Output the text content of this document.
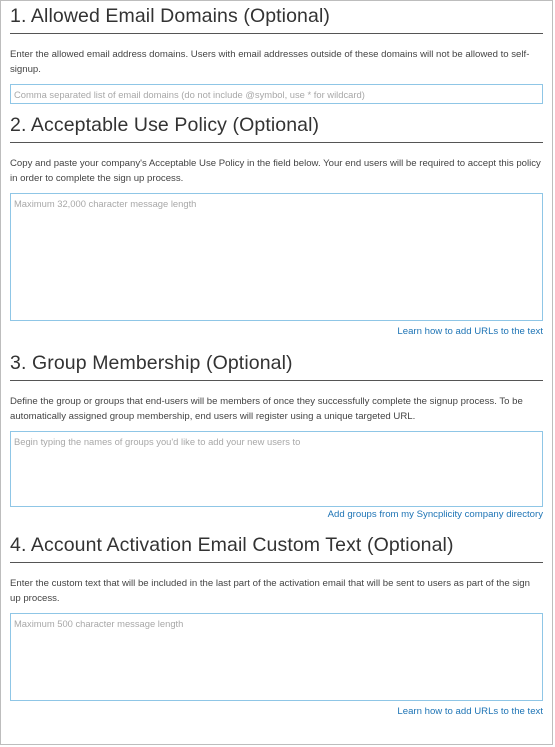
1. Allowed Email Domains (Optional)

Enter the allowed email address domains. Users with email addresses outside of these domains will not be allowed to self-signup.

Comma separated list of email domains (do not include @symbol, use * for wildcard)
2. Acceptable Use Policy (Optional)

Copy and paste your company's Acceptable Use Policy in the field below. Your end users will be required to accept this policy in order to complete the sign up process.

Maximum 32,000 character message length
Learn how to add URLs to the text
3. Group Membership (Optional)

Define the group or groups that end-users will be members of once they successfully complete the signup process. To be automatically assigned group membership, end users will register using a unique targeted URL.

Begin typing the names of groups you'd like to add your new users to
Add groups from my Syncplicity company directory
4. Account Activation Email Custom Text (Optional)

Enter the custom text that will be included in the last part of the activation email that will be sent to users as part of the sign up process.

Maximum 500 character message length
Learn how to add URLs to the text
